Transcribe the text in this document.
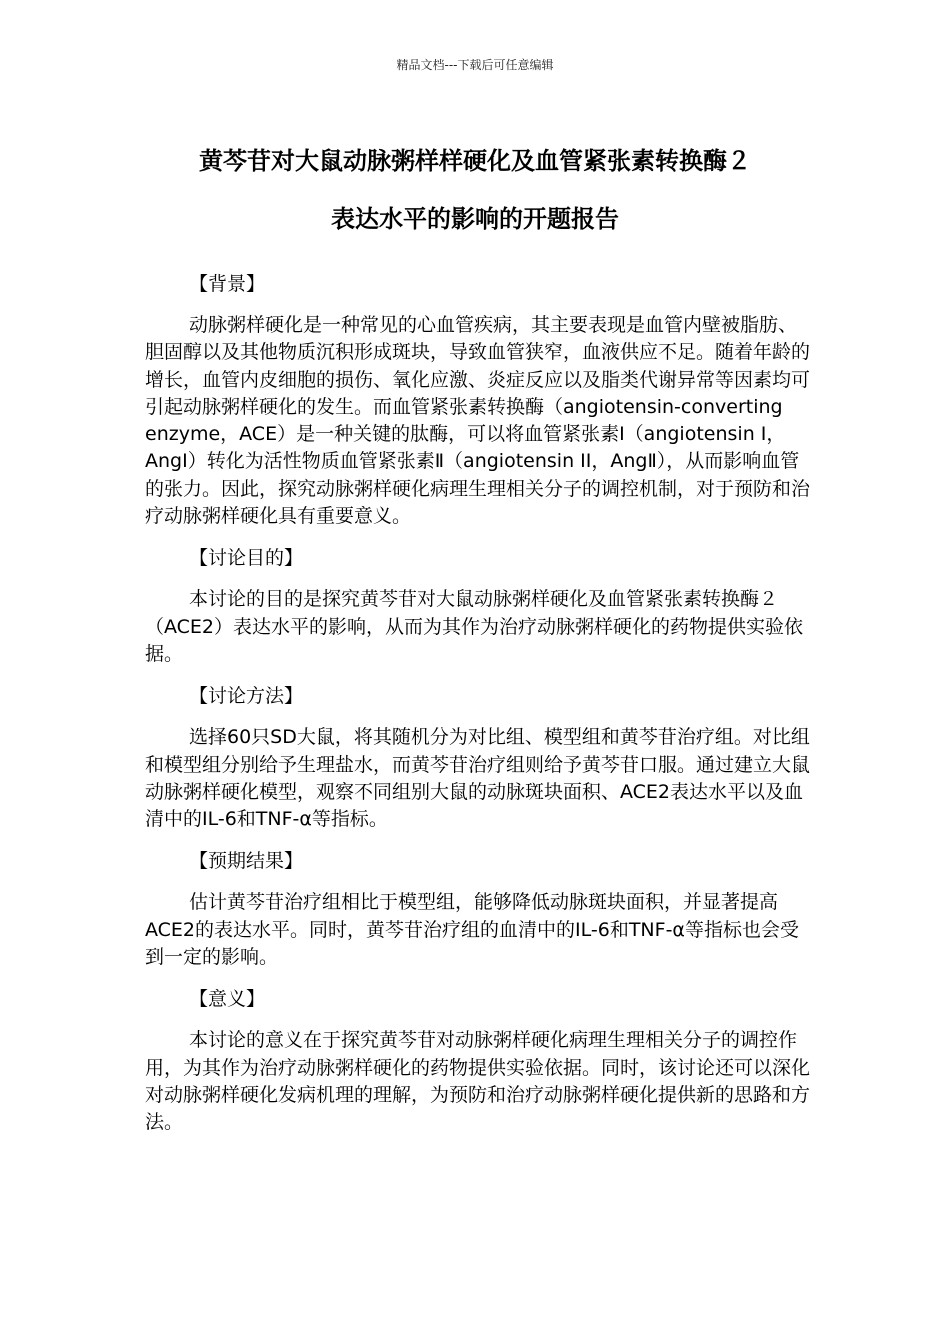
精品文档---下载后可任意编辑
黄芩苷对大鼠动脉粥样样硬化及血管紧张素转换酶２
表达水平的影响的开题报告

【背景】

动脉粥样硬化是一种常见的心血管疾病，其主要表现是血管内壁被脂肪、胆固醇以及其他物质沉积形成斑块，导致血管狭窄，血液供应不足。随着年龄的增长，血管内皮细胞的损伤、氧化应激、炎症反应以及脂类代谢异常等因素均可引起动脉粥样硬化的发生。而血管紧张素转换酶（angiotensin-converting enzyme，ACE）是一种关键的肽酶，可以将血管紧张素Ⅰ（angiotensin I，AngI）转化为活性物质血管紧张素Ⅱ（angiotensin II，AngⅡ），从而影响血管的张力。因此，探究动脉粥样硬化病理生理相关分子的调控机制，对于预防和治疗动脉粥样硬化具有重要意义。

【讨论目的】

本讨论的目的是探究黄芩苷对大鼠动脉粥样硬化及血管紧张素转换酶２（ACE2）表达水平的影响，从而为其作为治疗动脉粥样硬化的药物提供实验依据。

【讨论方法】

选择60只SD大鼠，将其随机分为对比组、模型组和黄芩苷治疗组。对比组和模型组分别给予生理盐水，而黄芩苷治疗组则给予黄芩苷口服。通过建立大鼠动脉粥样硬化模型，观察不同组别大鼠的动脉斑块面积、ACE2表达水平以及血清中的IL-6和TNF-α等指标。

【预期结果】

估计黄芩苷治疗组相比于模型组，能够降低动脉斑块面积，并显著提高ACE2的表达水平。同时，黄芩苷治疗组的血清中的IL-6和TNF-α等指标也会受到一定的影响。

【意义】

本讨论的意义在于探究黄芩苷对动脉粥样硬化病理生理相关分子的调控作用，为其作为治疗动脉粥样硬化的药物提供实验依据。同时，该讨论还可以深化对动脉粥样硬化发病机理的理解，为预防和治疗动脉粥样硬化提供新的思路和方法。
